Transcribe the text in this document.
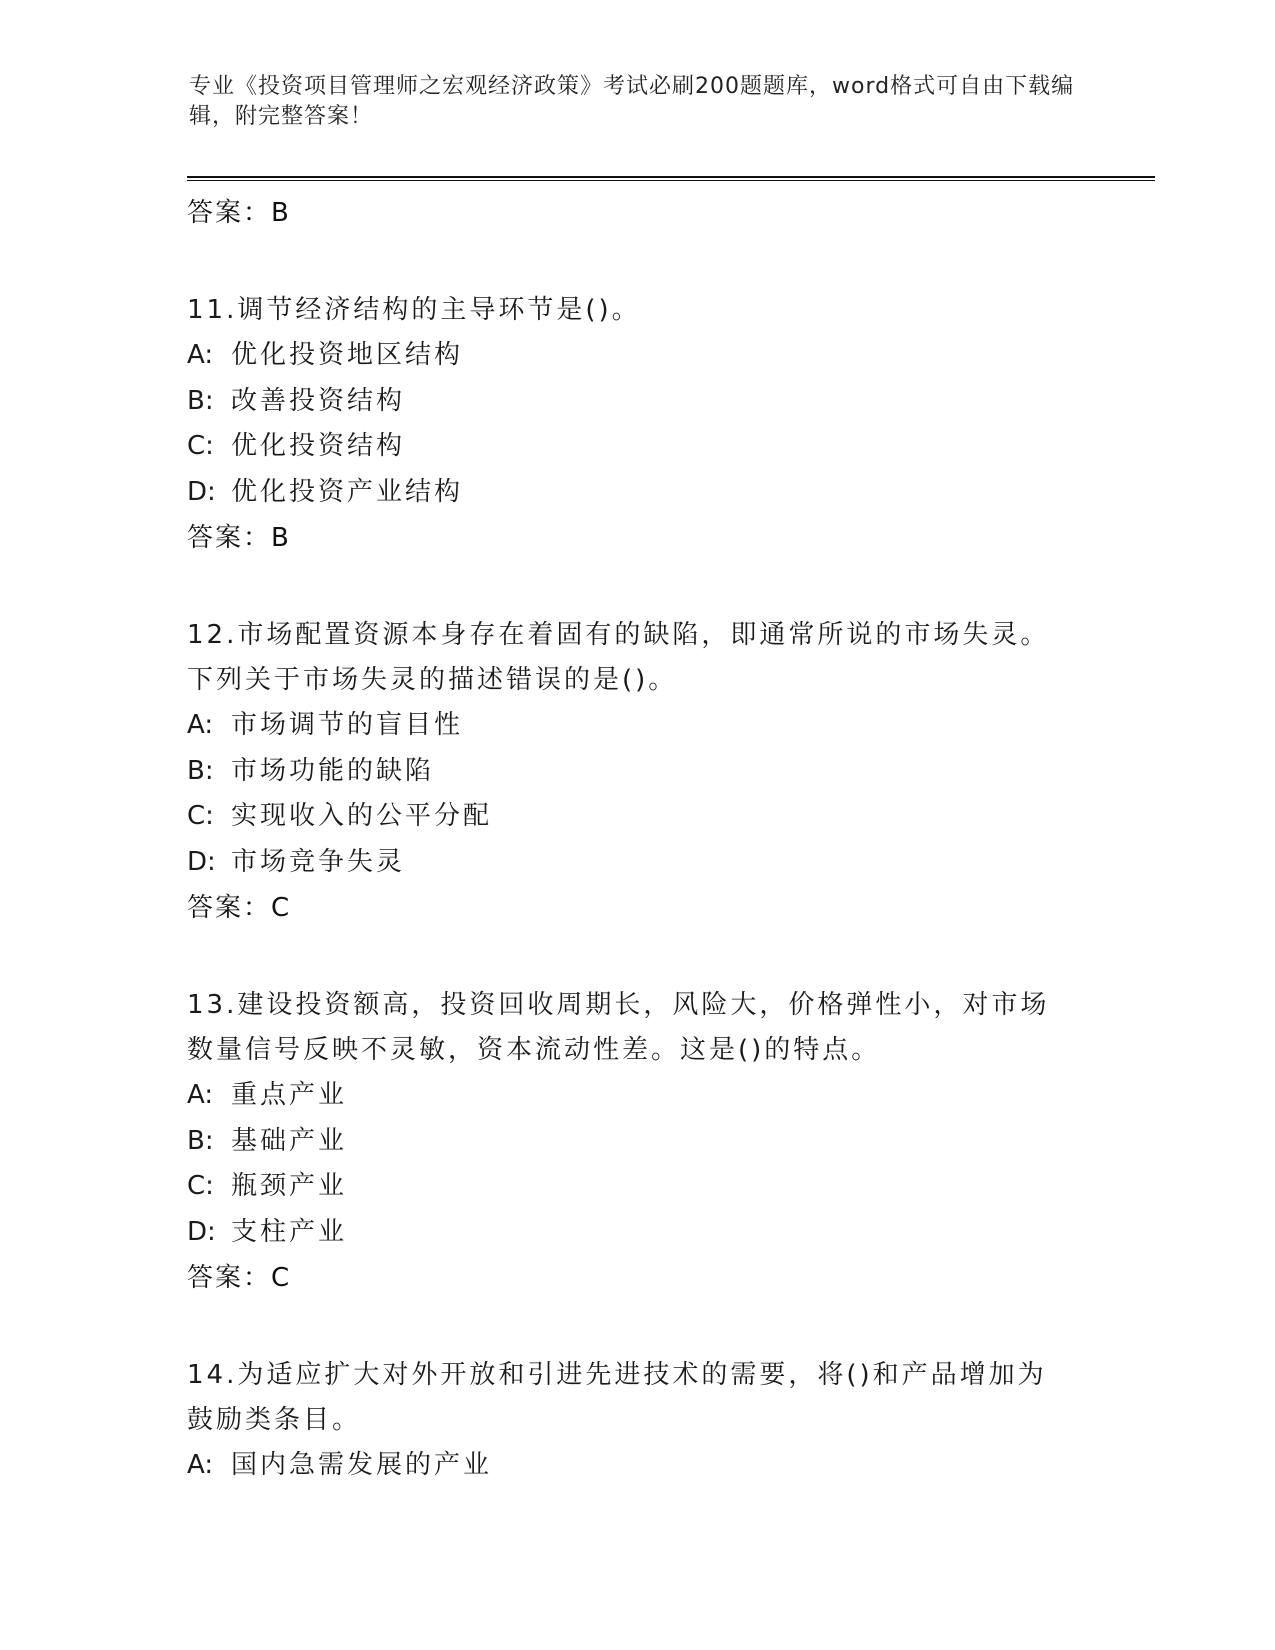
专业《投资项目管理师之宏观经济政策》考试必刷200题题库，word格式可自由下载编辑，附完整答案！
答案：B
11.调节经济结构的主导环节是()。
A: 优化投资地区结构
B: 改善投资结构
C: 优化投资结构
D: 优化投资产业结构
答案：B
12.市场配置资源本身存在着固有的缺陷，即通常所说的市场失灵。下列关于市场失灵的描述错误的是()。
A: 市场调节的盲目性
B: 市场功能的缺陷
C: 实现收入的公平分配
D: 市场竞争失灵
答案：C
13.建设投资额高，投资回收周期长，风险大，价格弹性小，对市场数量信号反映不灵敏，资本流动性差。这是()的特点。
A: 重点产业
B: 基础产业
C: 瓶颈产业
D: 支柱产业
答案：C
14.为适应扩大对外开放和引进先进技术的需要，将()和产品增加为鼓励类条目。
A: 国内急需发展的产业
